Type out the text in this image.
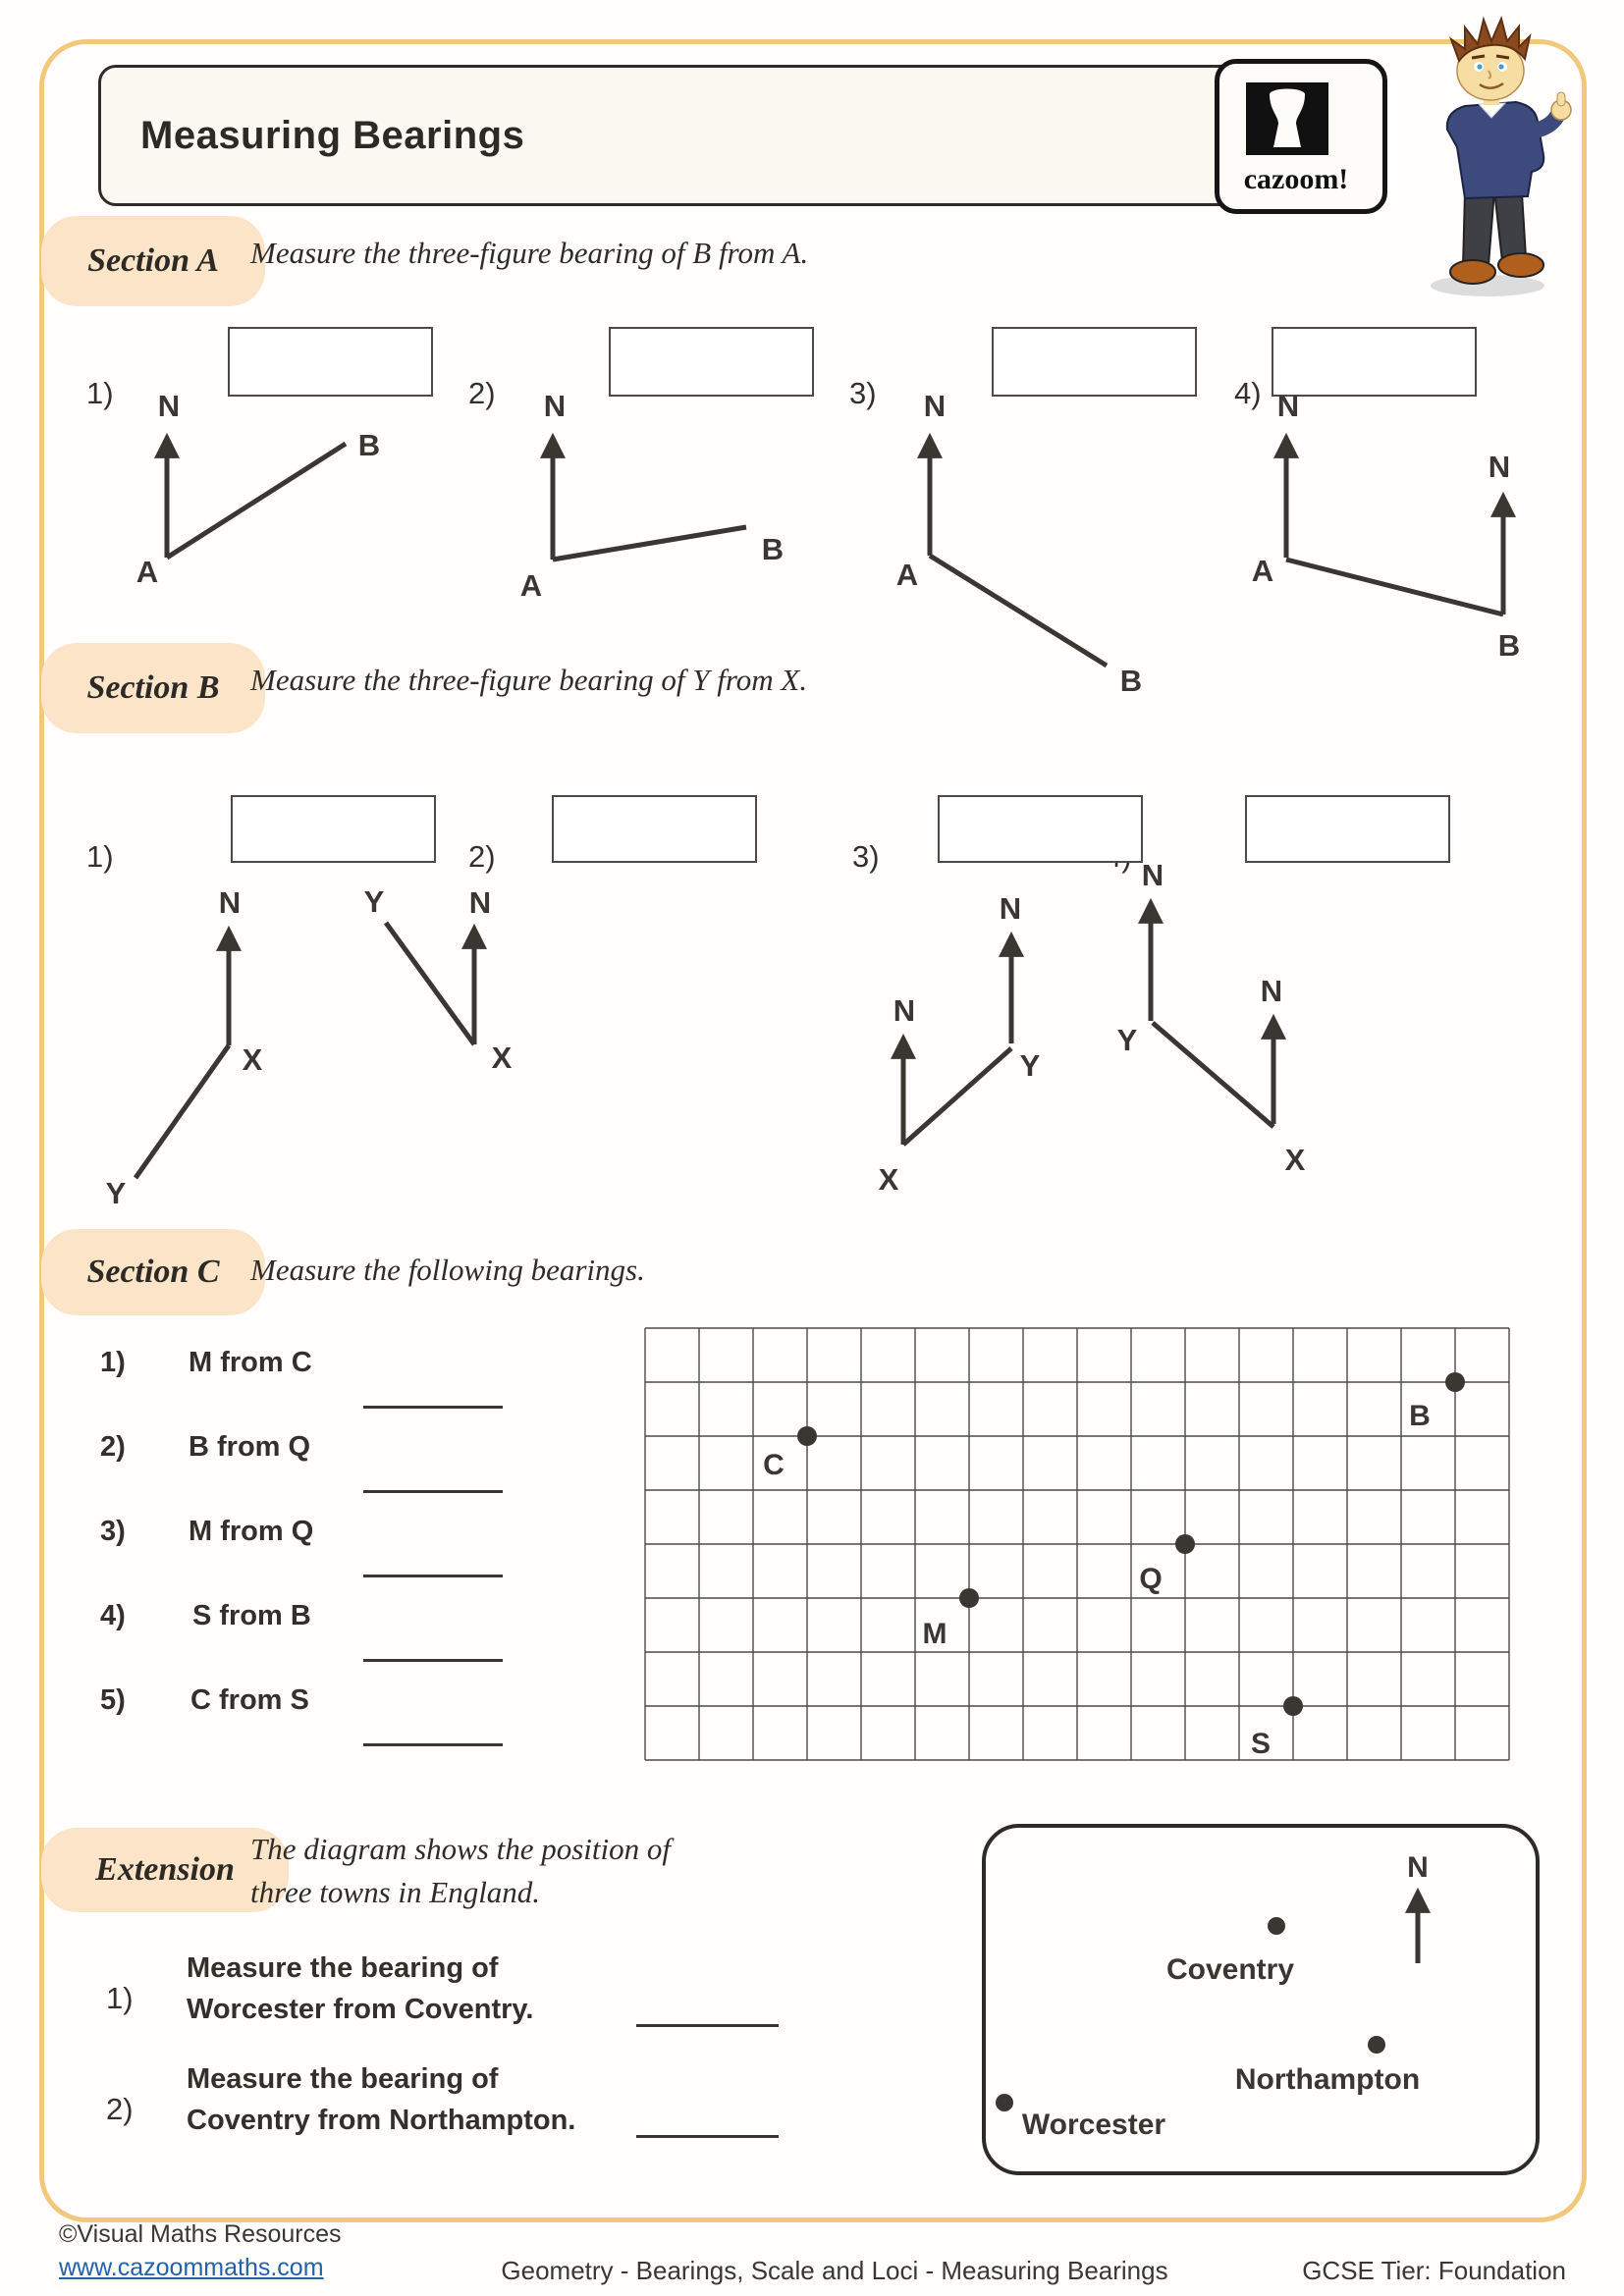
Measuring Bearings
cazoom!
Section A Measure the three-figure bearing of B from A.
1)	2)	3)	4)
Section B Measure the three-figure bearing of Y from X.
1)	2)	3)
Section C Measure the following bearings.
1) M from C
2) B from Q
3) M from Q
4) S from B
5) C from S
Extension
The diagram shows the position of
three towns in England.
1)
Measure the bearing of
Worcester from Coventry.
2)
Measure the bearing of
Coventry from Northampton.
©Visual Maths Resources
www.cazoommaths.com	Geometry - Bearings, Scale and Loci - Measuring Bearings	GCSE Tier: Foundation
N
A
B
N
A
B
N
A
B
N
N
A
B
N
X
Y
N
Y
X
N
N
X
Y
N
N
Y
X
C
B
Q
M
S
N
Coventry
Northampton
Worcester
